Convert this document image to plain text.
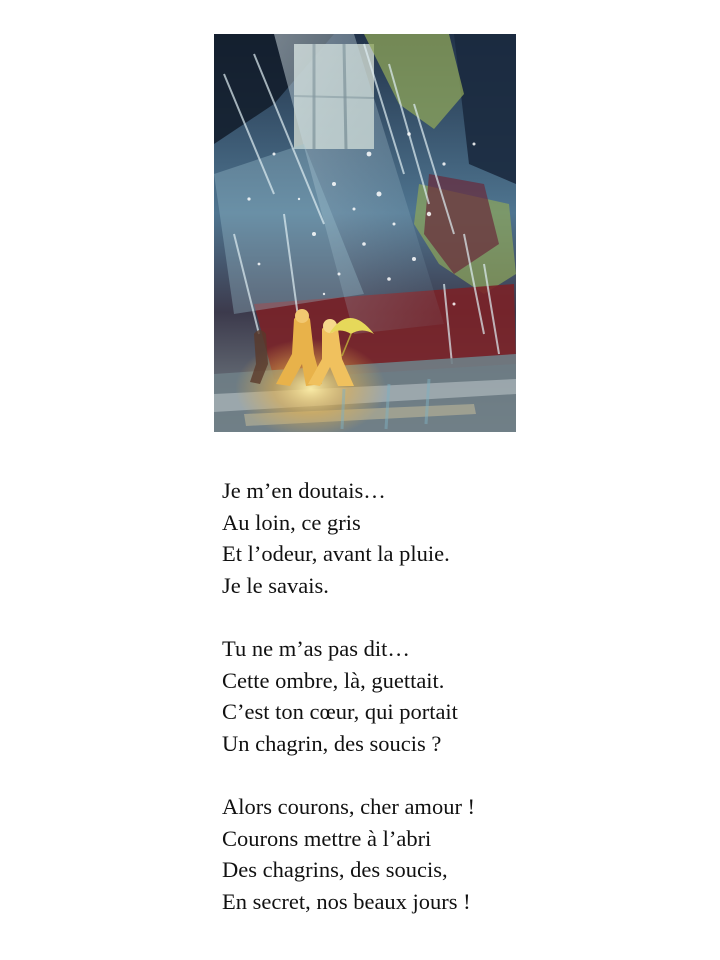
Je m’en doutais…
Au loin, ce gris
Et l’odeur, avant la pluie.
Je le savais.
Tu ne m’as pas dit…
Cette ombre, là, guettait.
C’est ton cœur, qui portait
Un chagrin, des soucis ?
Alors courons, cher amour !
Courons mettre à l’abri
Des chagrins, des soucis,
En secret, nos beaux jours !
